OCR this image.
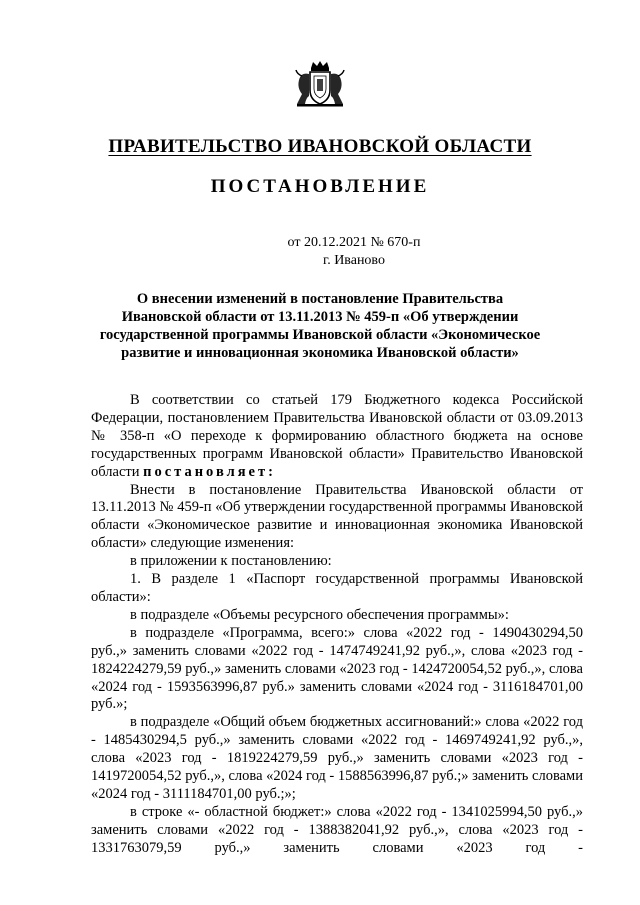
ПРАВИТЕЛЬСТВО ИВАНОВСКОЙ ОБЛАСТИ
ПОСТАНОВЛЕНИЕ
от 20.12.2021 № 670-п
г. Иваново
О внесении изменений в постановление Правительства Ивановской области от 13.11.2013 № 459-п «Об утверждении государственной программы Ивановской области «Экономическое развитие и инновационная экономика Ивановской области»

В соответствии со статьей 179 Бюджетного кодекса Российской Федерации, постановлением Правительства Ивановской области от 03.09.2013 № 358-п «О переходе к формированию областного бюджета на основе государственных программ Ивановской области» Правительство Ивановской области постановляет:

Внести в постановление Правительства Ивановской области от 13.11.2013 № 459-п «Об утверждении государственной программы Ивановской области «Экономическое развитие и инновационная экономика Ивановской области» следующие изменения:

в приложении к постановлению:

1. В разделе 1 «Паспорт государственной программы Ивановской области»:

в подразделе «Объемы ресурсного обеспечения программы»:

в подразделе «Программа, всего:» слова «2022 год - 1490430294,50 руб.,» заменить словами «2022 год - 1474749241,92 руб.,», слова «2023 год - 1824224279,59 руб.,» заменить словами «2023 год - 1424720054,52 руб.,», слова «2024 год - 1593563996,87 руб.» заменить словами «2024 год - 3116184701,00 руб.»;

в подразделе «Общий объем бюджетных ассигнований:» слова «2022 год - 1485430294,5 руб.,» заменить словами «2022 год - 1469749241,92 руб.,», слова «2023 год - 1819224279,59 руб.,» заменить словами «2023 год - 1419720054,52 руб.,», слова «2024 год - 1588563996,87 руб.;» заменить словами «2024 год - 3111184701,00 руб.;»;

в строке «- областной бюджет:» слова «2022 год - 1341025994,50 руб.,» заменить словами «2022 год - 1388382041,92 руб.,», слова «2023 год - 1331763079,59 руб.,» заменить словами «2023 год -
